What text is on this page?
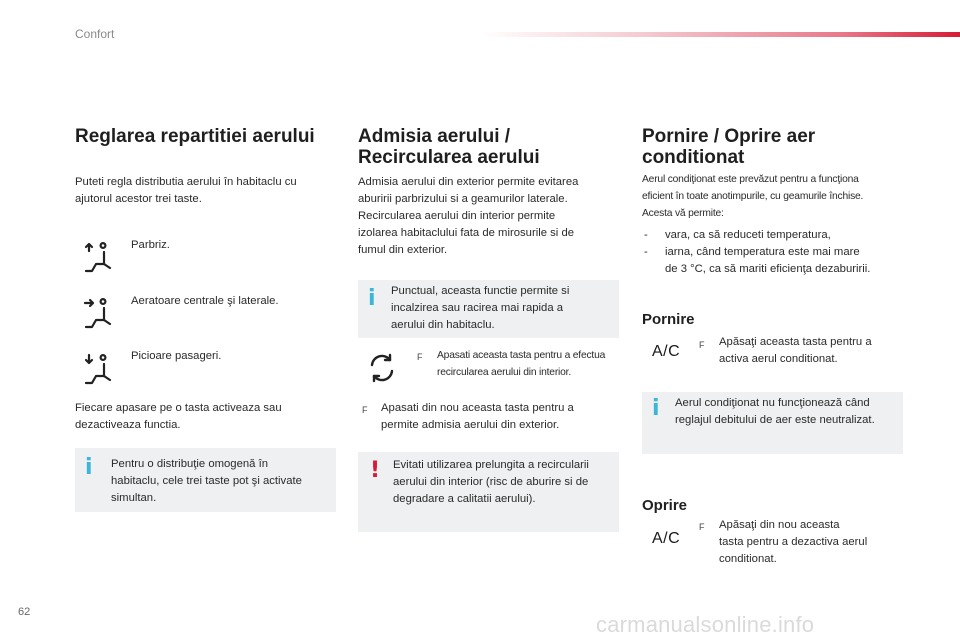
Confort
Reglarea repartitiei aerului
Puteti regla distributia aerului în habitaclu cu
ajutorul acestor trei taste.
Parbriz.
Aeratoare centrale şi laterale.
Picioare pasageri.
Fiecare apasare pe o tasta activeaza sau
dezactiveaza functia.
i Pentru o distribuţie omogenă în
habitaclu, cele trei taste pot şi activate
simultan.
Admisia aerului /
Recircularea aerului
Admisia aerului din exterior permite evitarea
aburirii parbrizului si a geamurilor laterale.
Recircularea aerului din interior permite
izolarea habitaclului fata de mirosurile si de
fumul din exterior.
i Punctual, aceasta functie permite si
incalzirea sau racirea mai rapida a
aerului din habitaclu.
F Apasati aceasta tasta pentru a efectua
recircularea aerului din interior.
F Apasati din nou aceasta tasta pentru a
permite admisia aerului din exterior.
! Evitati utilizarea prelungita a recircularii
aerului din interior (risc de aburire si de
degradare a calitatii aerului).
Pornire / Oprire aer
conditionat
Aerul condiţionat este prevăzut pentru a funcţiona
eficient în toate anotimpurile, cu geamurile închise.
Acesta vă permite:
- vara, ca să reduceti temperatura,
- iarna, când temperatura este mai mare
de 3 °C, ca să mariti eficienţa dezaburirii.
Pornire
A/C F Apăsaţi aceasta tasta pentru a
activa aerul conditionat.
i Aerul condiţionat nu funcţionează când
reglajul debitului de aer este neutralizat.
Oprire
A/C
F Apăsaţi din nou aceasta
tasta pentru a dezactiva aerul
conditionat.
62	carmanualsonline.info
